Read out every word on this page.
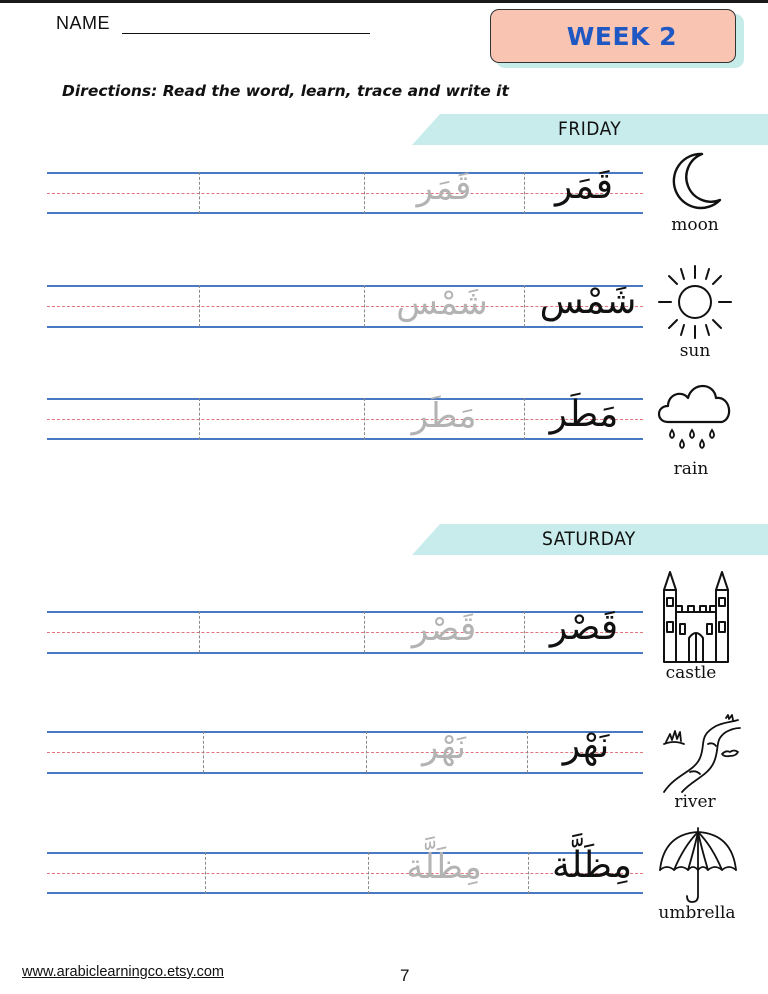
NAME	WEEK 2
Directions: Read the word, learn, trace and write it
FRIDAY
SATURDAY
قَمَر	قَمَر
moon
شَمْس	شَمْس
sun
مَطَر	مَطَر
rain
قَصْر	قَصْر
castle
نَهْر	نَهْر
river
مِظَلَّة	مِظَلَّة
umbrella
www.arabiclearningco.etsy.com	7
